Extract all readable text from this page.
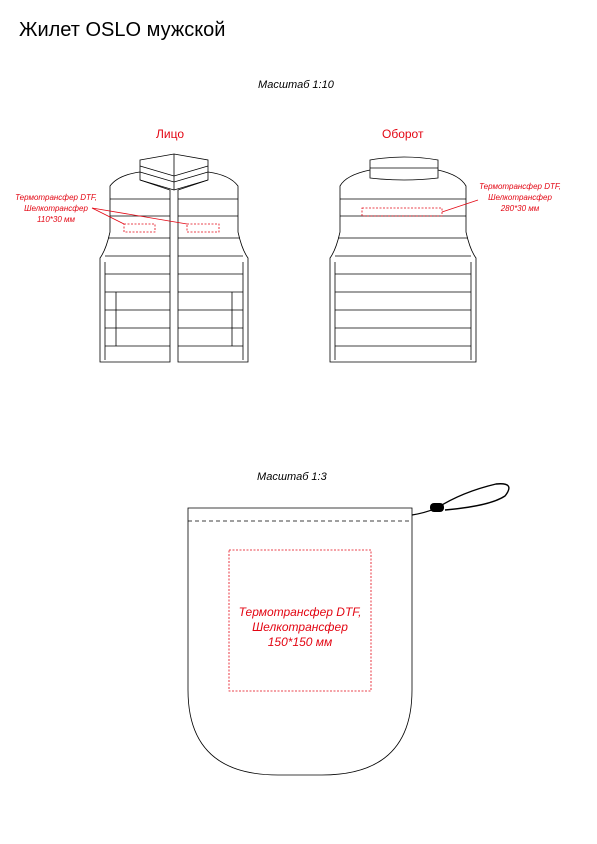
Жилет OSLO мужской
Масштаб 1:10
Лицо	Оборот
Термотрансфер DTF,
Шелкотрансфер
110*30 мм
Термотрансфер DTF,
Шелкотрансфер
280*30 мм
Масштаб 1:3
Термотрансфер DTF,
Шелкотрансфер
150*150 мм
